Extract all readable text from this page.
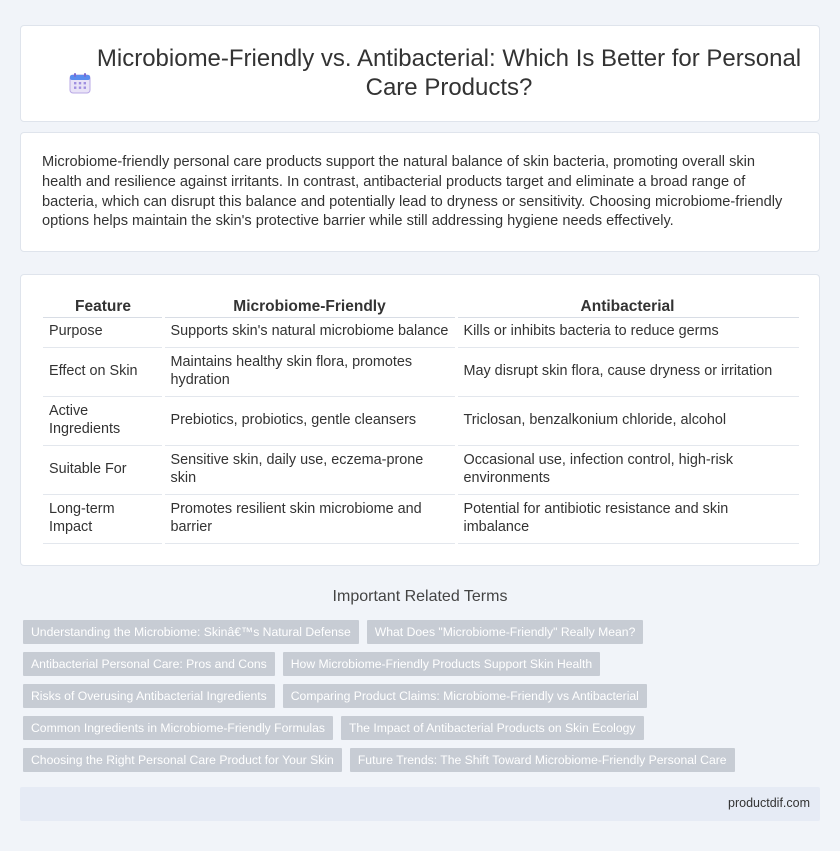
Microbiome-Friendly vs. Antibacterial: Which Is Better for Personal Care Products?

Microbiome-friendly personal care products support the natural balance of skin bacteria, promoting overall skin health and resilience against irritants. In contrast, antibacterial products target and eliminate a broad range of bacteria, which can disrupt this balance and potentially lead to dryness or sensitivity. Choosing microbiome-friendly options helps maintain the skin's protective barrier while still addressing hygiene needs effectively.

Feature	Microbiome-Friendly	Antibacterial
Purpose	Supports skin's natural microbiome balance	Kills or inhibits bacteria to reduce germs
Effect on Skin	Maintains healthy skin flora, promotes hydration	May disrupt skin flora, cause dryness or irritation
Active Ingredients	Prebiotics, probiotics, gentle cleansers	Triclosan, benzalkonium chloride, alcohol
Suitable For	Sensitive skin, daily use, eczema-prone skin	Occasional use, infection control, high-risk environments
Long-term Impact	Promotes resilient skin microbiome and barrier	Potential for antibiotic resistance and skin imbalance
Important Related Terms
Understanding the Microbiome: Skinâ€™s Natural Defense	What Does "Microbiome-Friendly" Really Mean?
Antibacterial Personal Care: Pros and Cons	How Microbiome-Friendly Products Support Skin Health
Risks of Overusing Antibacterial Ingredients	Comparing Product Claims: Microbiome-Friendly vs Antibacterial
Common Ingredients in Microbiome-Friendly Formulas	The Impact of Antibacterial Products on Skin Ecology
Choosing the Right Personal Care Product for Your Skin	Future Trends: The Shift Toward Microbiome-Friendly Personal Care
productdif.com
